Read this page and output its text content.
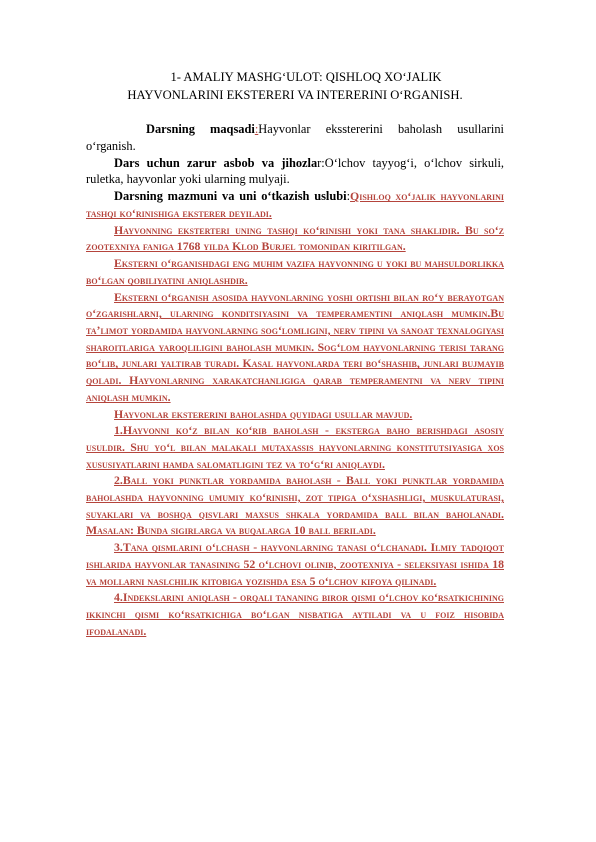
1- AMALIY MASHG‘ULOT: QISHLOQ XO‘JALIK
HAYVONLARINI EKSTERERI VA INTERERINI O‘RGANISH.

Darsning maqsadi:Hayvonlar eksstererini baholash usullarini o‘rganish.

Dars uchun zarur asbob va jihozlar:O‘lchov tayyog‘i, o‘lchov sirkuli, ruletka, hayvonlar yoki ularning mulyaji.

Darsning mazmuni va uni o‘tkazish uslubi:Qishloq xo‘jalik hayvonlarini tashqi ko‘rinishiga eksterer deyiladi.

Hayvonning eksterteri uning tashqi ko‘rinishi yoki tana shaklidir. Bu so‘z zootexniya faniga 1768 yilda Klod Burjel tomonidan kiritilgan.

Eksterni o‘rganishdagi eng muhim vazifa hayvonning u yoki bu mahsuldorlikka bo‘lgan qobiliyatini aniqlashdir.

Eksterni o‘rganish asosida hayvonlarning yoshi ortishi bilan ro‘y berayotgan o‘zgarishlarni, ularning konditsiyasini va temperamentini aniqlash mumkin.Bu ta’limot yordamida hayvonlarning sog‘lomligini, nerv tipini va sanoat texnalogiyasi sharoitlariga yaroqliligini baholash mumkin. Sog‘lom hayvonlarning terisi tarang bo‘lib, junlari yaltirab turadi. Kasal hayvonlarda teri bo‘shashib, junlari bujmayib qoladi. Hayvonlarning xarakatchanligiga qarab temperamentni va nerv tipini aniqlash mumkin.

Hayvonlar ekstererini baholashda quyidagi usullar mavjud.

1.Hayvonni ko‘z bilan ko‘rib baholash - eksterga baho berishdagi asosiy usuldir. Shu yo‘l bilan malakali mutaxassis hayvonlarning konstitutsiyasiga xos xususiyatlarini hamda salomatligini tez va to‘g‘ri aniqlaydi.

2.Ball yoki punktlar yordamida baholash - Ball yoki punktlar yordamida baholashda hayvonning umumiy ko‘rinishi, zot tipiga o‘xshashligi, muskulaturasi, suyaklari va boshqa qisvlari maxsus shkala yordamida ball bilan baholanadi. Masalan: Bunda sigirlarga va buqalarga 10 ball beriladi.

3.Tana qismlarini o‘lchash - hayvonlarning tanasi o‘lchanadi. Ilmiy tadqiqot ishlarida hayvonlar tanasining 52 o‘lchovi olinib, zootexniya - seleksiyasi ishida 18 va mollarni naslchilik kitobiga yozishda esa 5 o‘lchov kifoya qilinadi.

4.Indekslarini aniqlash - orqali tananing biror qismi o‘lchov ko‘rsatkichining ikkinchi qismi ko‘rsatkichiga bo‘lgan nisbatiga aytiladi va u foiz hisobida ifodalanadi.
